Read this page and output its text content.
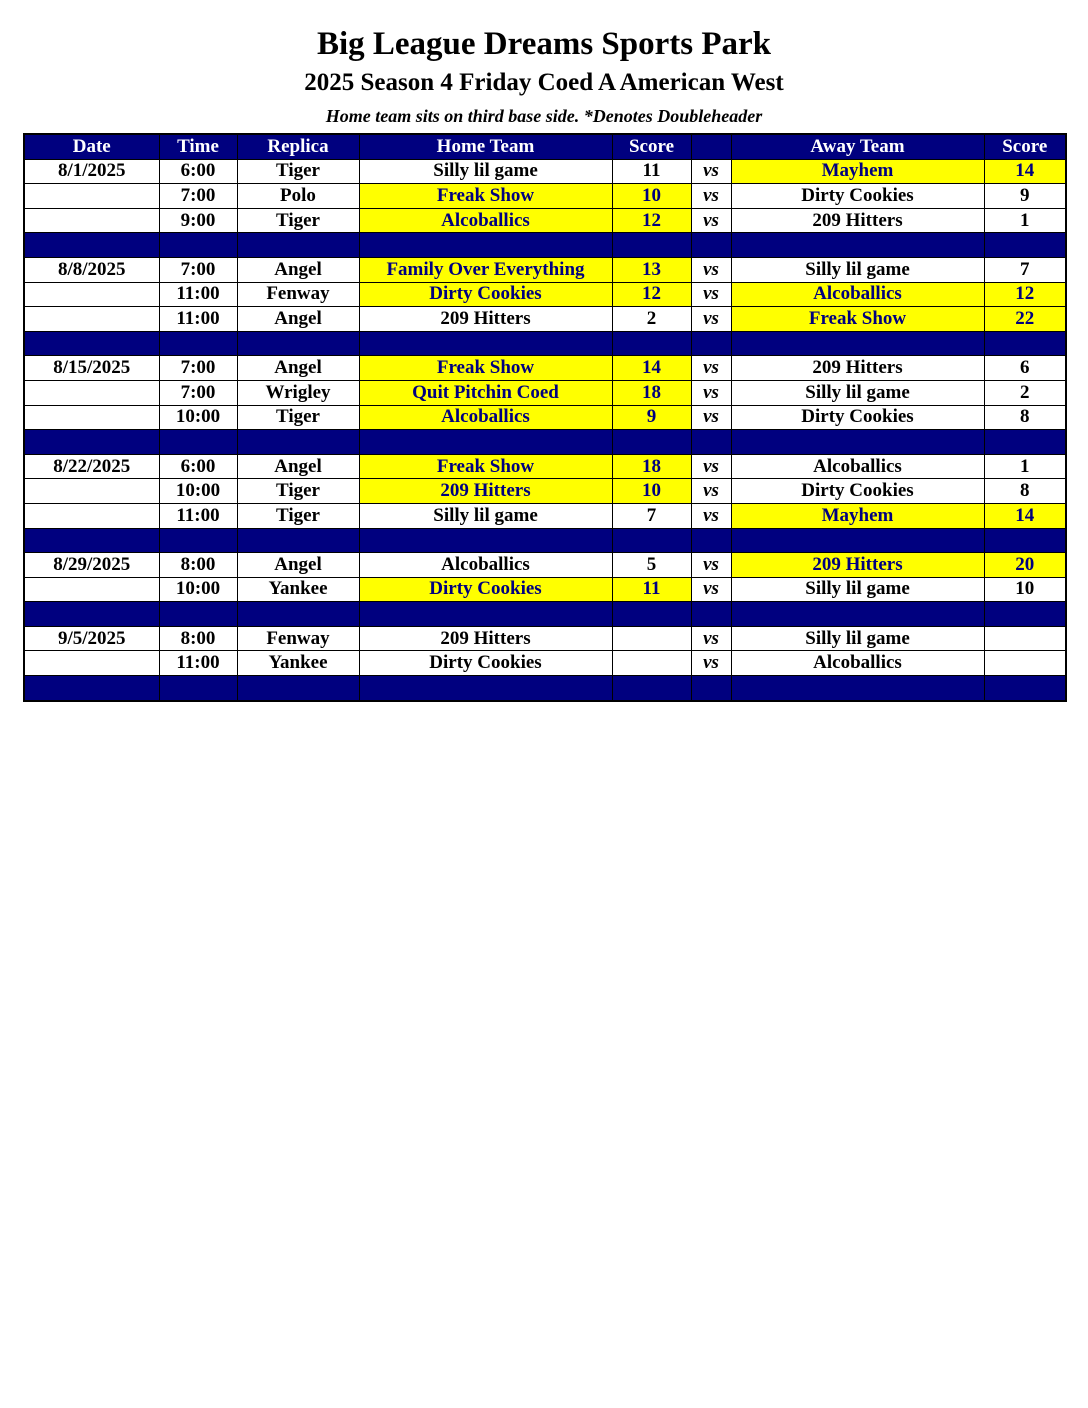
Big League Dreams Sports Park
2025 Season 4 Friday Coed A American West
Home team sits on third base side. *Denotes Doubleheader
Date	Time	Replica	Home Team	Score		Away Team	Score
8/1/2025	6:00	Tiger	Silly lil game	11	vs	Mayhem	14
	7:00	Polo	Freak Show	10	vs	Dirty Cookies	9
	9:00	Tiger	Alcoballics	12	vs	209 Hitters	1

8/8/2025	7:00	Angel	Family Over Everything	13	vs	Silly lil game	7
	11:00	Fenway	Dirty Cookies	12	vs	Alcoballics	12
	11:00	Angel	209 Hitters	2	vs	Freak Show	22

8/15/2025	7:00	Angel	Freak Show	14	vs	209 Hitters	6
	7:00	Wrigley	Quit Pitchin Coed	18	vs	Silly lil game	2
	10:00	Tiger	Alcoballics	9	vs	Dirty Cookies	8

8/22/2025	6:00	Angel	Freak Show	18	vs	Alcoballics	1
	10:00	Tiger	209 Hitters	10	vs	Dirty Cookies	8
	11:00	Tiger	Silly lil game	7	vs	Mayhem	14

8/29/2025	8:00	Angel	Alcoballics	5	vs	209 Hitters	20
	10:00	Yankee	Dirty Cookies	11	vs	Silly lil game	10

9/5/2025	8:00	Fenway	209 Hitters		vs	Silly lil game	
	11:00	Yankee	Dirty Cookies		vs	Alcoballics	
